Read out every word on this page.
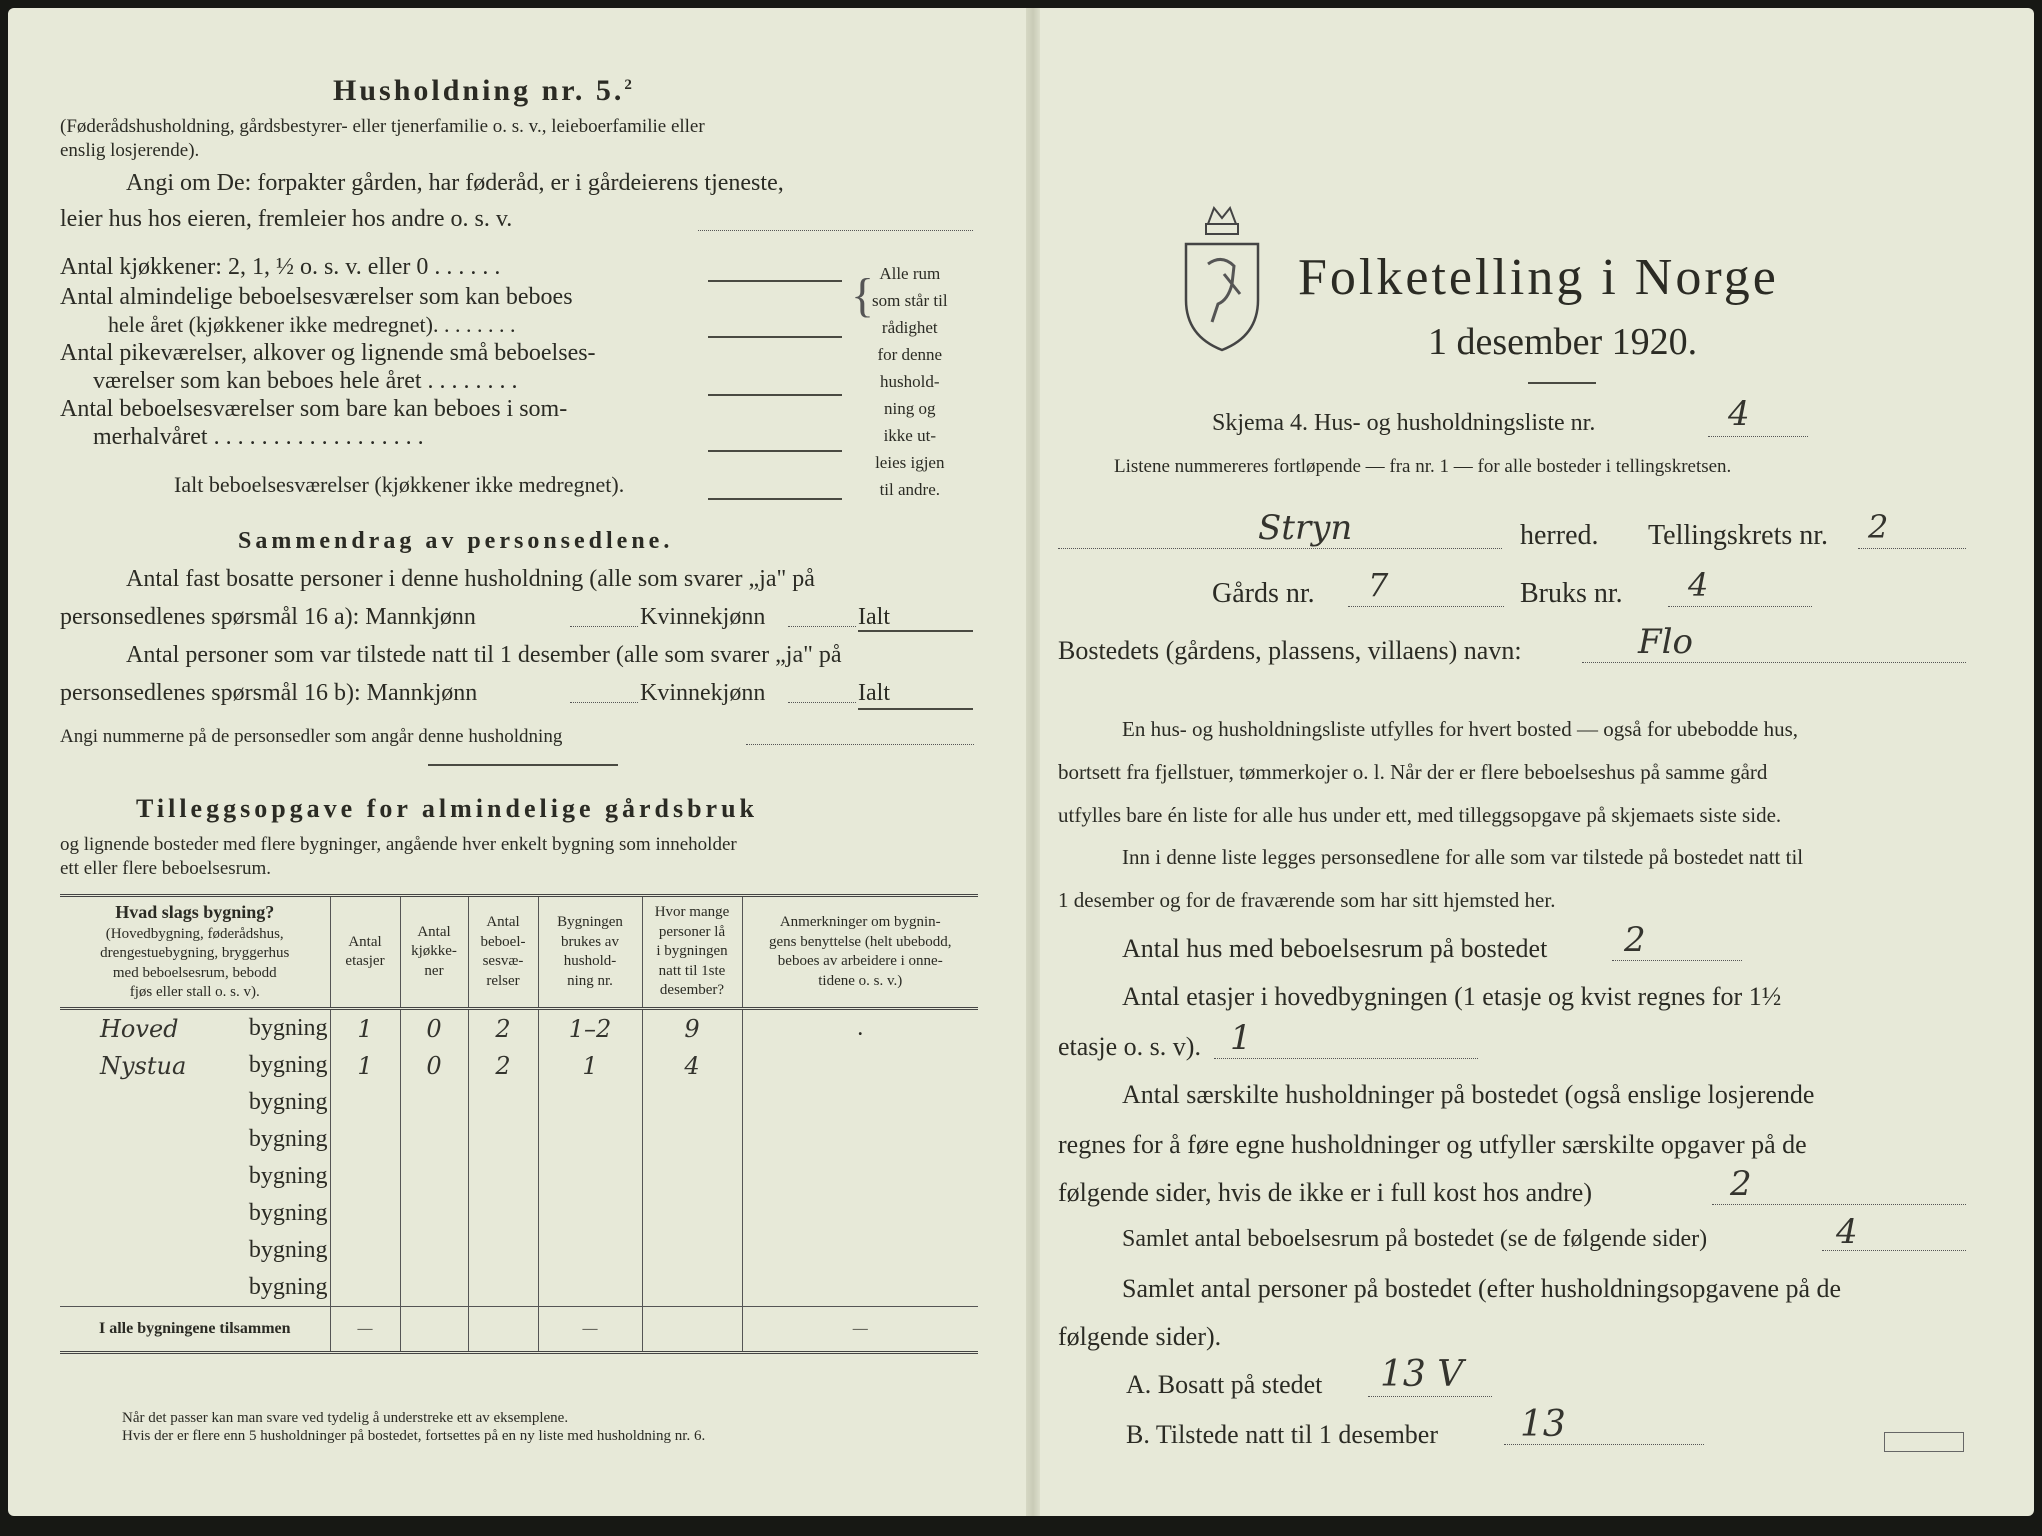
Husholdning nr. 5.$^2$
(Føderådshusholdning, gårdsbestyrer- eller tjenerfamilie o. s. v., leieboerfamilie eller
enslig losjerende).
Angi om De: forpakter gården, har føderåd, er i gårdeierens tjeneste,
leier hus hos eieren, fremleier hos andre o. s. v.
Antal kjøkkener: 2, 1, ½ o. s. v. eller 0 . . . . . .
Antal almindelige beboelsesværelser som kan beboes
hele året (kjøkkener ikke medregnet). . . . . . . .
Antal pikeværelser, alkover og lignende små beboelses-
værelser som kan beboes hele året . . . . . . . .
Antal beboelsesværelser som bare kan beboes i som-
merhalvåret . . . . . . . . . . . . . . . . . .
Ialt beboelsesværelser (kjøkkener ikke medregnet).
{ Alle rum
som står til
rådighet
for denne
hushold-
ning og
ikke ut-
leies igjen
til andre.
Sammendrag av personsedlene.
Antal fast bosatte personer i denne husholdning (alle som svarer „ja" på
personsedlenes spørsmål 16 a): Mannkjønn	Kvinnekjønn	Ialt
Antal personer som var tilstede natt til 1 desember (alle som svarer „ja" på
personsedlenes spørsmål 16 b): Mannkjønn	Kvinnekjønn	Ialt
Angi nummerne på de personsedler som angår denne husholdning
Tilleggsopgave for almindelige gårdsbruk
og lignende bosteder med flere bygninger, angående hver enkelt bygning som inneholder
ett eller flere beboelsesrum.
Hvad slags bygning?
(Hovedbygning, føderådshus,
drengestuebygning, bryggerhus
med beboelsesrum, bebodd
fjøs eller stall o. s. v).	Antal
etasjer	Antal
kjøkke-
ner	Antal
beboel-
sesvæ-
relser	Bygningen
brukes av
hushold-
ning nr.	Hvor mange
personer lå
i bygningen
natt til 1ste
desember?	Anmerkninger om bygnin-
gens benyttelse (helt ubebodd,
beboes av arbeidere i onne-
tidene o. s. v.)

Hoved bygning	1	0	2	1–2	9	.

Nystua bygning	1	0	2	1	4	

bygning						

bygning						

bygning						

bygning						

bygning						

bygning						

I alle bygningene tilsammen	—			—		—
Når det passer kan man svare ved tydelig å understreke ett av eksemplene.
Hvis der er flere enn 5 husholdninger på bostedet, fortsettes på en ny liste med husholdning nr. 6.
Folketelling i Norge
1 desember 1920.
Skjema 4. Hus- og husholdningsliste nr.	4
Listene nummereres fortløpende — fra nr. 1 — for alle bosteder i tellingskretsen.
Stryn	herred. Tellingskrets nr. 2
Gårds nr. 7	Bruks nr. 4
Bostedets (gårdens, plassens, villaens) navn:	Flo
En hus- og husholdningsliste utfylles for hvert bosted — også for ubebodde hus,
bortsett fra fjellstuer, tømmerkojer o. l. Når der er flere beboelseshus på samme gård
utfylles bare én liste for alle hus under ett, med tilleggsopgave på skjemaets siste side.
Inn i denne liste legges personsedlene for alle som var tilstede på bostedet natt til
1 desember og for de fraværende som har sitt hjemsted her.
Antal hus med beboelsesrum på bostedet 2
Antal etasjer i hovedbygningen (1 etasje og kvist regnes for 1½
etasje o. s. v). 1
Antal særskilte husholdninger på bostedet (også enslige losjerende
regnes for å føre egne husholdninger og utfyller særskilte opgaver på de
følgende sider, hvis de ikke er i full kost hos andre)	2
Samlet antal beboelsesrum på bostedet (se de følgende sider)	4
Samlet antal personer på bostedet (efter husholdningsopgavene på de
følgende sider).
A. Bosatt på stedet 13 V
B. Tilstede natt til 1 desember 13
